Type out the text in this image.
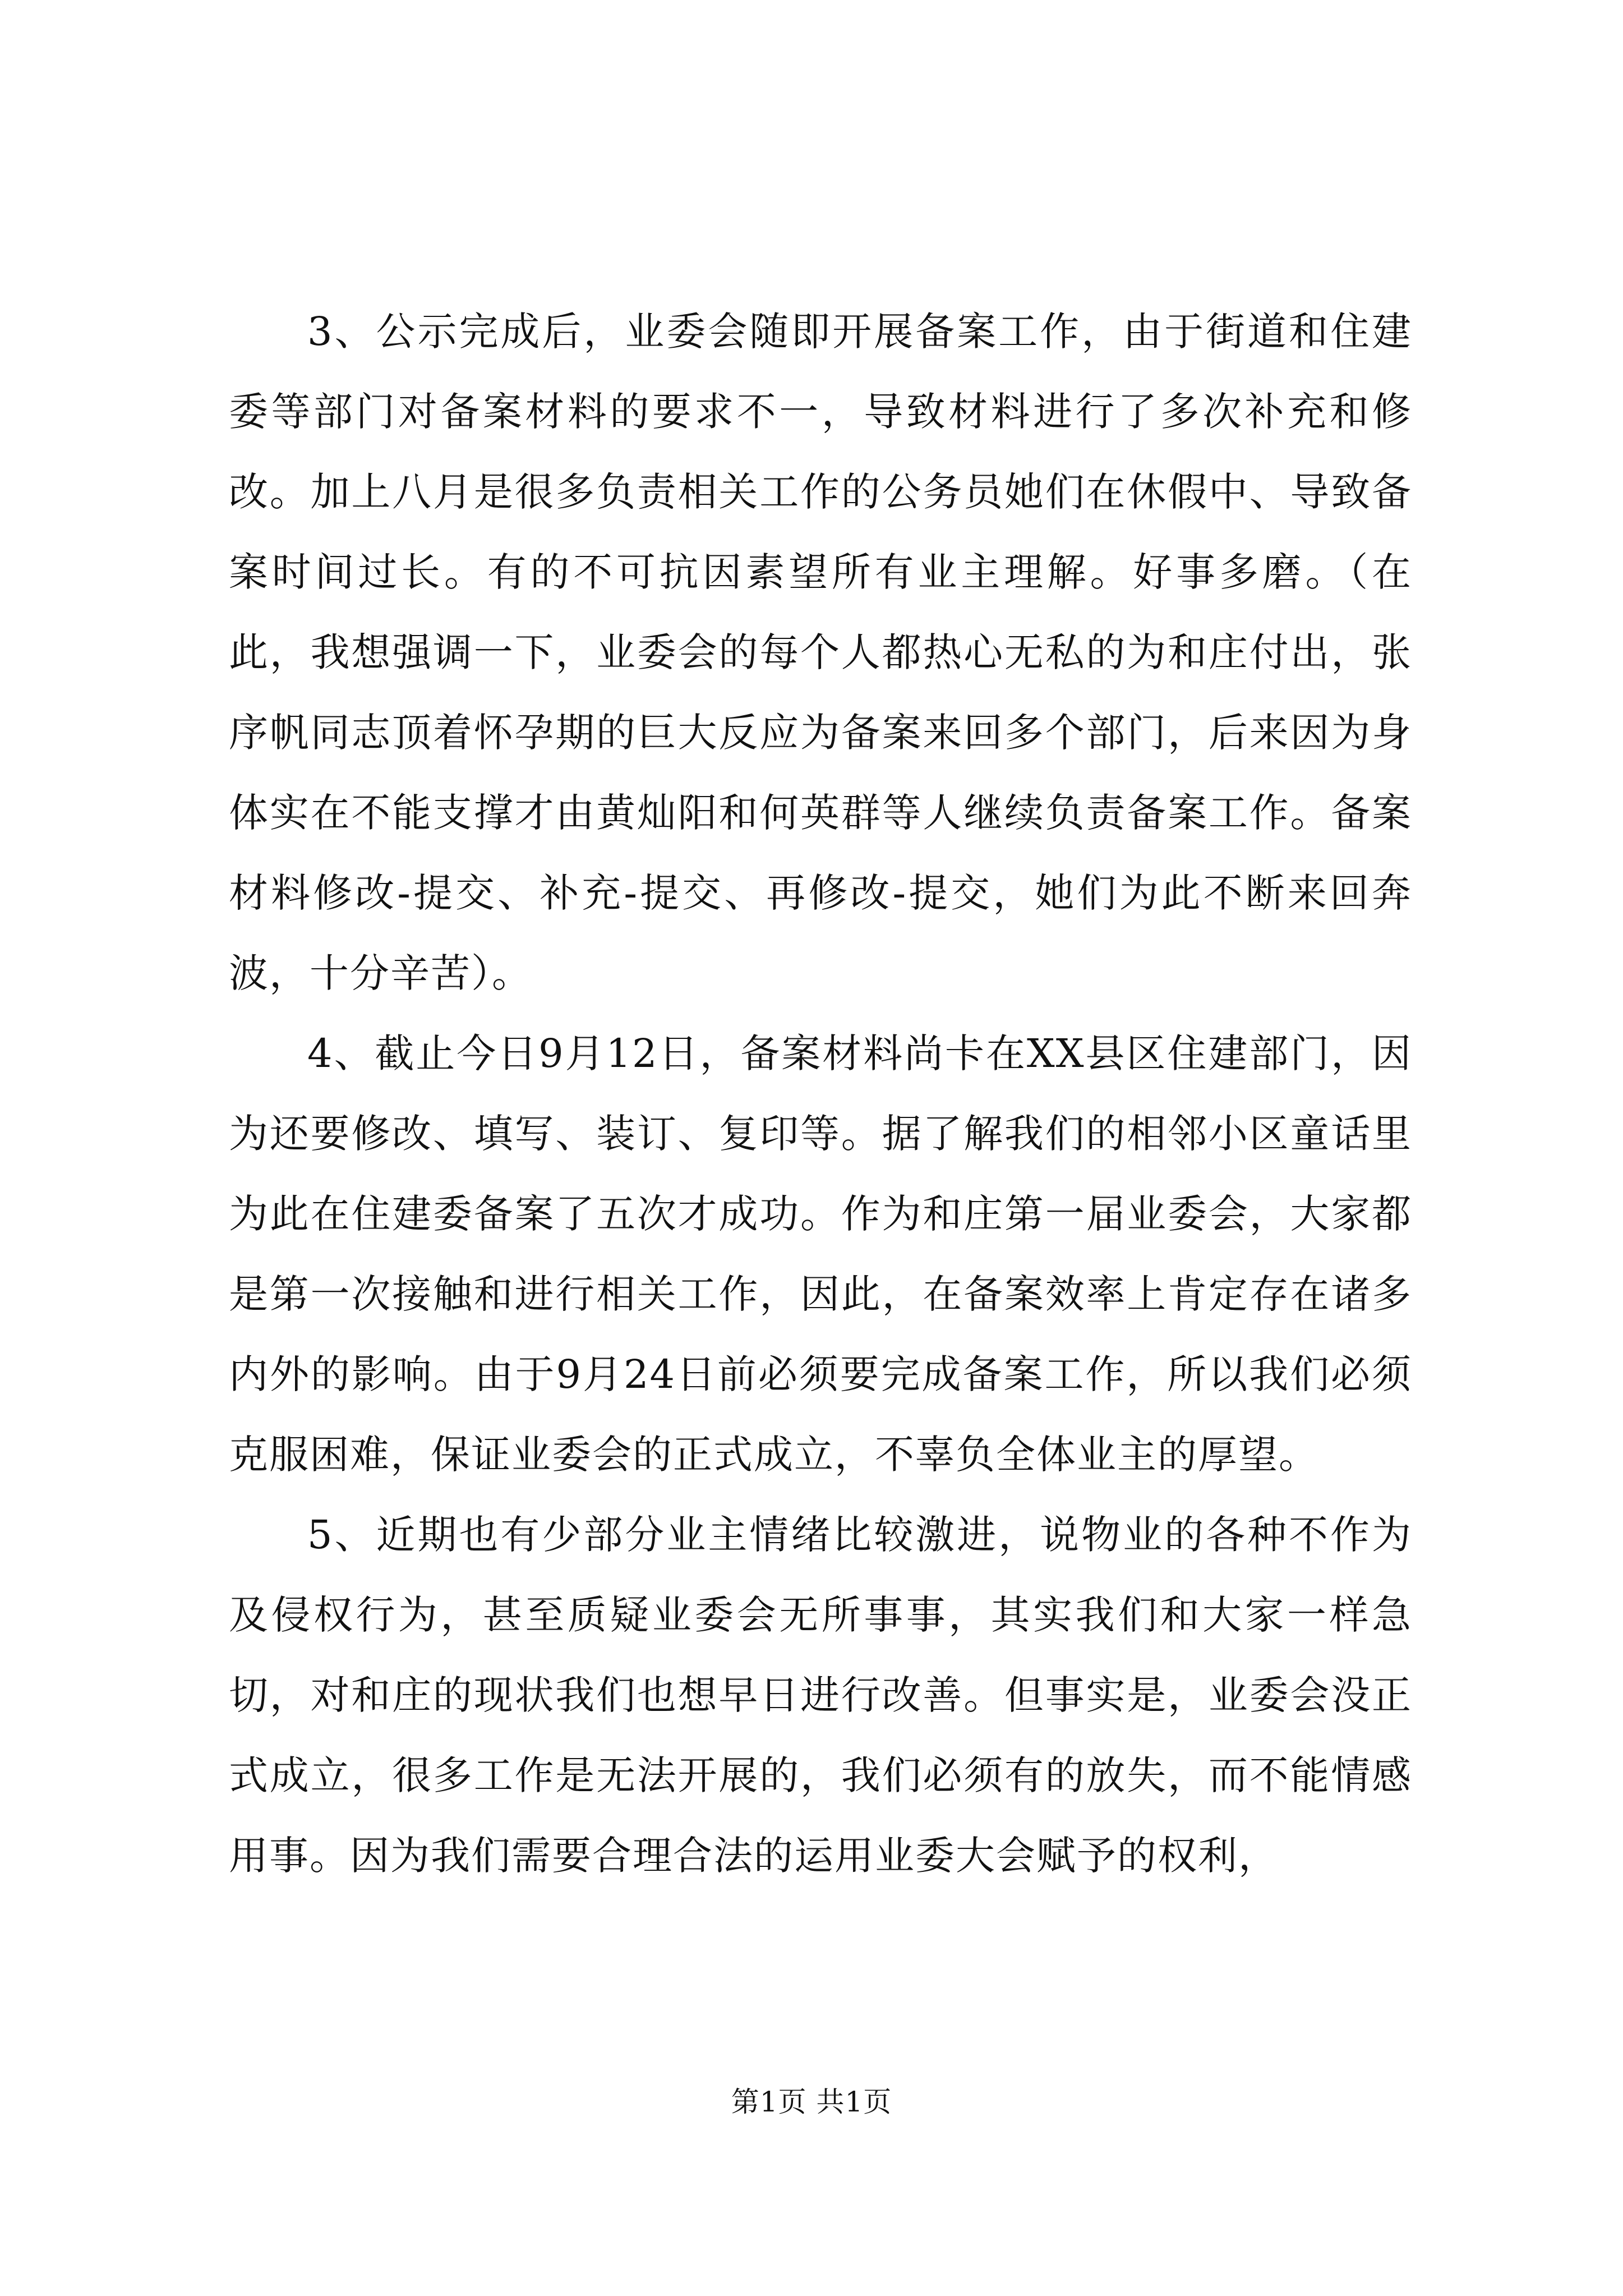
3、公示完成后，业委会随即开展备案工作，由于街道和住建委等部门对备案材料的要求不一，导致材料进行了多次补充和修改。加上八月是很多负责相关工作的公务员她们在休假中、导致备案时间过长。有的不可抗因素望所有业主理解。好事多磨。（在此，我想强调一下，业委会的每个人都热心无私的为和庄付出，张序帆同志顶着怀孕期的巨大反应为备案来回多个部门，后来因为身体实在不能支撑才由黄灿阳和何英群等人继续负责备案工作。备案材料修改-提交、补充-提交、再修改-提交，她们为此不断来回奔波，十分辛苦）。

4、截止今日9月12日，备案材料尚卡在XX县区住建部门，因为还要修改、填写、装订、复印等。据了解我们的相邻小区童话里为此在住建委备案了五次才成功。作为和庄第一届业委会，大家都是第一次接触和进行相关工作，因此，在备案效率上肯定存在诸多内外的影响。由于9月24日前必须要完成备案工作，所以我们必须克服困难，保证业委会的正式成立，不辜负全体业主的厚望。

5、近期也有少部分业主情绪比较激进，说物业的各种不作为及侵权行为，甚至质疑业委会无所事事，其实我们和大家一样急切，对和庄的现状我们也想早日进行改善。但事实是，业委会没正式成立，很多工作是无法开展的，我们必须有的放失，而不能情感用事。因为我们需要合理合法的运用业委大会赋予的权利，

第1页 共1页
